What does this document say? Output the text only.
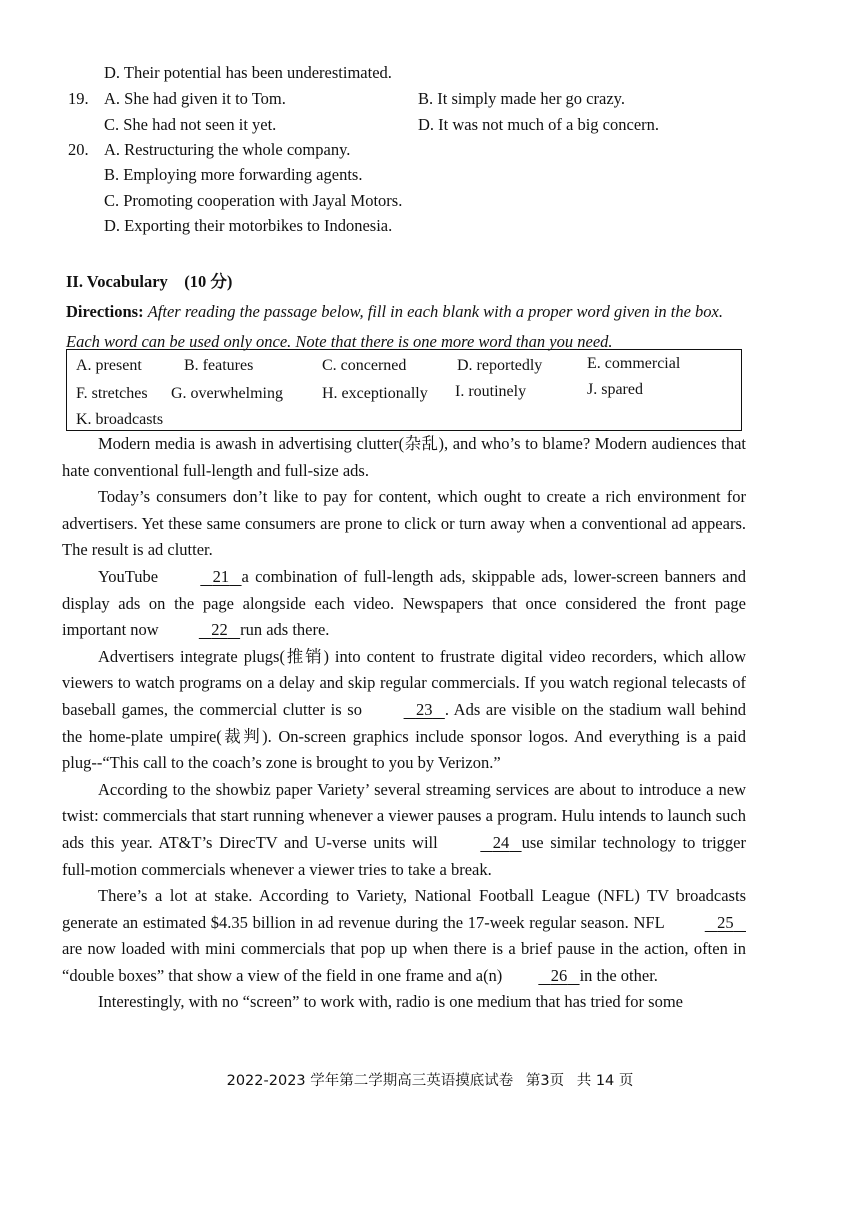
D. Their potential has been underestimated.
19. A. She had given it to Tom.	B. It simply made her go crazy.
C. She had not seen it yet.	D. It was not much of a big concern.
20. A. Restructuring the whole company.
B. Employing more forwarding agents.
C. Promoting cooperation with Jayal Motors.
D. Exporting their motorbikes to Indonesia.
II. Vocabulary　(10 分)
Directions: After reading the passage below, fill in each blank with a proper word given in the box. Each word can be used only once. Note that there is one more word than you need.
A. present	B. features	C. concerned	D. reportedly	E. commercial
F. stretches G. overwhelming H. exceptionally I. routinely	J. spared
K. broadcasts

Modern media is awash in advertising clutter(杂乱), and who’s to blame? Modern audiences that hate conventional full-length and full-size ads.

Today’s consumers don’t like to pay for content, which ought to create a rich environment for advertisers. Yet these same consumers are prone to click or turn away when a conventional ad appears. The result is ad clutter.

YouTube	21 a combination of full-length ads, skippable ads, lower-screen banners and display ads on the page alongside each video. Newspapers that once considered the front page important now	22 run ads there.

Advertisers integrate plugs(推销) into content to frustrate digital video recorders, which allow viewers to watch programs on a delay and skip regular commercials. If you watch regional telecasts of baseball games, the commercial clutter is so	23 . Ads are visible on the stadium wall behind the home-plate umpire(裁判). On-screen graphics include sponsor logos. And everything is a paid plug--“This call to the coach’s zone is brought to you by Verizon.”

According to the showbiz paper Variety’ several streaming services are about to introduce a new twist: commercials that start running whenever a viewer pauses a program. Hulu intends to launch such ads this year. AT&T’s DirecTV and U-verse units will	24 use similar technology to trigger full-motion commercials whenever a viewer tries to take a break.

There’s a lot at stake. According to Variety, National Football League (NFL) TV broadcasts generate an estimated $4.35 billion in ad revenue during the 17-week regular season. NFL	25   are now loaded with mini commercials that pop up when there is a brief pause in the action, often in “double boxes” that show a view of the field in one frame and a(n)	26 in the other.

Interestingly, with no “screen” to work with, radio is one medium that has tried for some

2022-2023 学年第二学期高三英语摸底试卷 第3页 共 14 页
